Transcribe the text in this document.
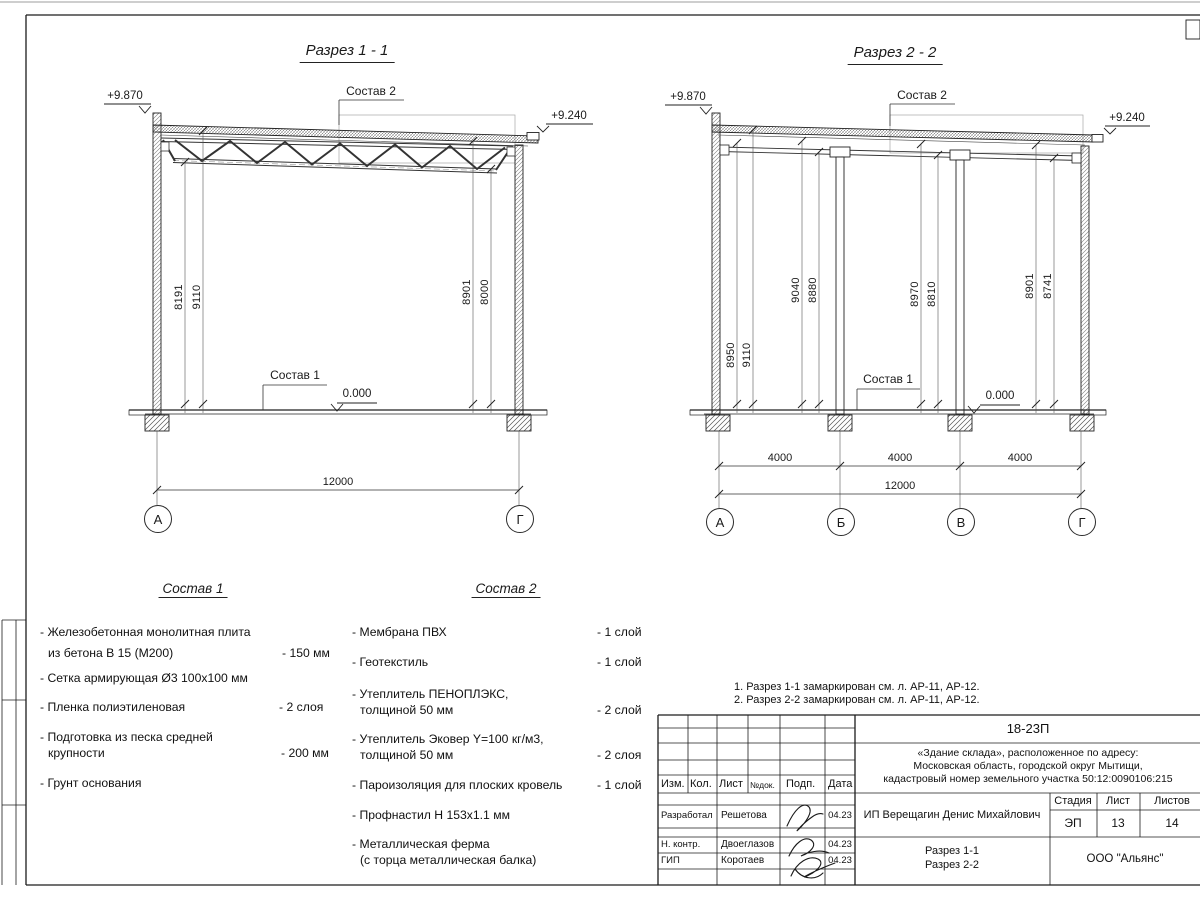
Разрез 1 - 1	Разрез 2 - 2
+9.870
+9.240
Состав 2
Состав 1
0.000
8191 9110	8901 8000
12000
А	Г
+9.870
+9.240
Состав 2
Состав 1
0.000
8950 9110
9040 8880	8970 8810	8901 8741
4000	4000	4000
12000
А	Б	В	Г
Состав 1
- Железобетонная монолитная плита
из бетона В 15 (М200)	- 150 мм
- Сетка армирующая Ø3 100х100 мм
- Пленка полиэтиленовая	- 2 слоя
- Подготовка из песка средней
крупности	- 200 мм
- Грунт основания
Состав 2
- Мембрана ПВХ	- 1 слой
- Геотекстиль	- 1 слой
- Утеплитель ПЕНОПЛЭКС,
толщиной 50 мм	- 2 слой
- Утеплитель Эковер Y=100 кг/м3,
толщиной 50 мм	- 2 слоя
- Пароизоляция для плоских кровель	- 1 слой
- Профнастил Н 153х1.1 мм
- Металлическая ферма
(с торца металлическая балка)
1. Разрез 1-1 замаркирован см. л. АР-11, АР-12.
2. Разрез 2-2 замаркирован см. л. АР-11, АР-12.
Изм. Кол. Лист №док. Подп. Дата
Разработал Решетова	04.23
Н. контр. Двоеглазов	04.23
ГИП	Коротаев	04.23
18-23П
«Здание склада», расположенное по адресу:
Московская область, городской округ Мытищи,
кадастровый номер земельного участка 50:12:0090106:215
ИП Верещагин Денис Михайлович
Стадия Лист Листов
ЭП 13	14
Разрез 1-1
Разрез 2-2	ООО "Альянс"
